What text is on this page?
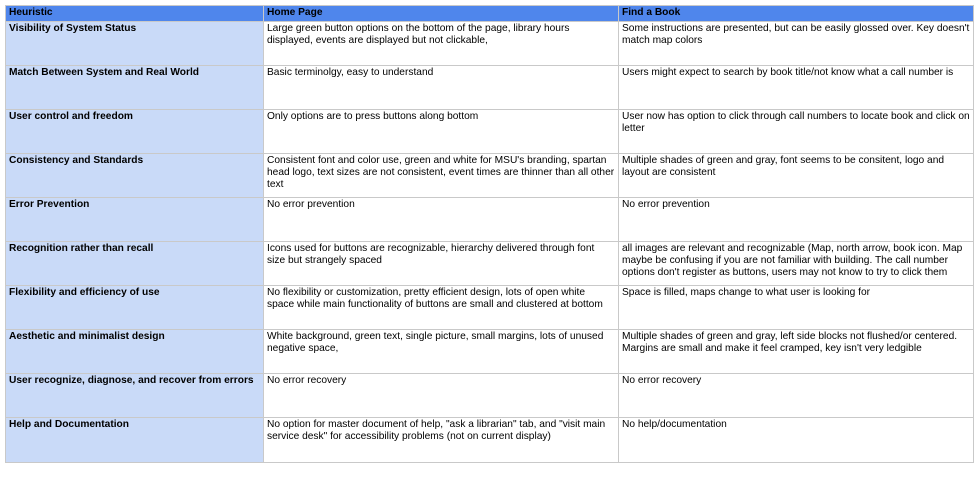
Heuristic	Home Page	Find a Book
Visibility of System Status	Large green button options on the bottom of the page, library hours displayed, events are displayed but not clickable,	Some instructions are presented, but can be easily glossed over. Key doesn't match map colors
Match Between System and Real World	Basic terminolgy, easy to understand	Users might expect to search by book title/not know what a call number is
User control and freedom	Only options are to press buttons along bottom	User now has option to click through call numbers to locate book and click on letter
Consistency and Standards	Consistent font and color use, green and white for MSU's branding, spartan head logo, text sizes are not consistent, event times are thinner than all other text	Multiple shades of green and gray, font seems to be consitent, logo and layout are consistent
Error Prevention	No error prevention	No error prevention
Recognition rather than recall	Icons used for buttons are recognizable, hierarchy delivered through font size but strangely spaced	all images are relevant and recognizable (Map, north arrow, book icon. Map maybe be confusing if you are not familiar with building. The call number options don't register as buttons, users may not know to try to click them
Flexibility and efficiency of use	No flexibility or customization, pretty efficient design, lots of open white space while main functionality of buttons are small and clustered at bottom	Space is filled, maps change to what user is looking for
Aesthetic and minimalist design	White background, green text, single picture, small margins, lots of unused negative space,	Multiple shades of green and gray, left side blocks not flushed/or centered. Margins are small and make it feel cramped, key isn't very ledgible
User recognize, diagnose, and recover from errors	No error recovery	No error recovery
Help and Documentation	No option for master document of help, "ask a librarian" tab, and "visit main service desk" for accessibility problems (not on current display)	No help/documentation
